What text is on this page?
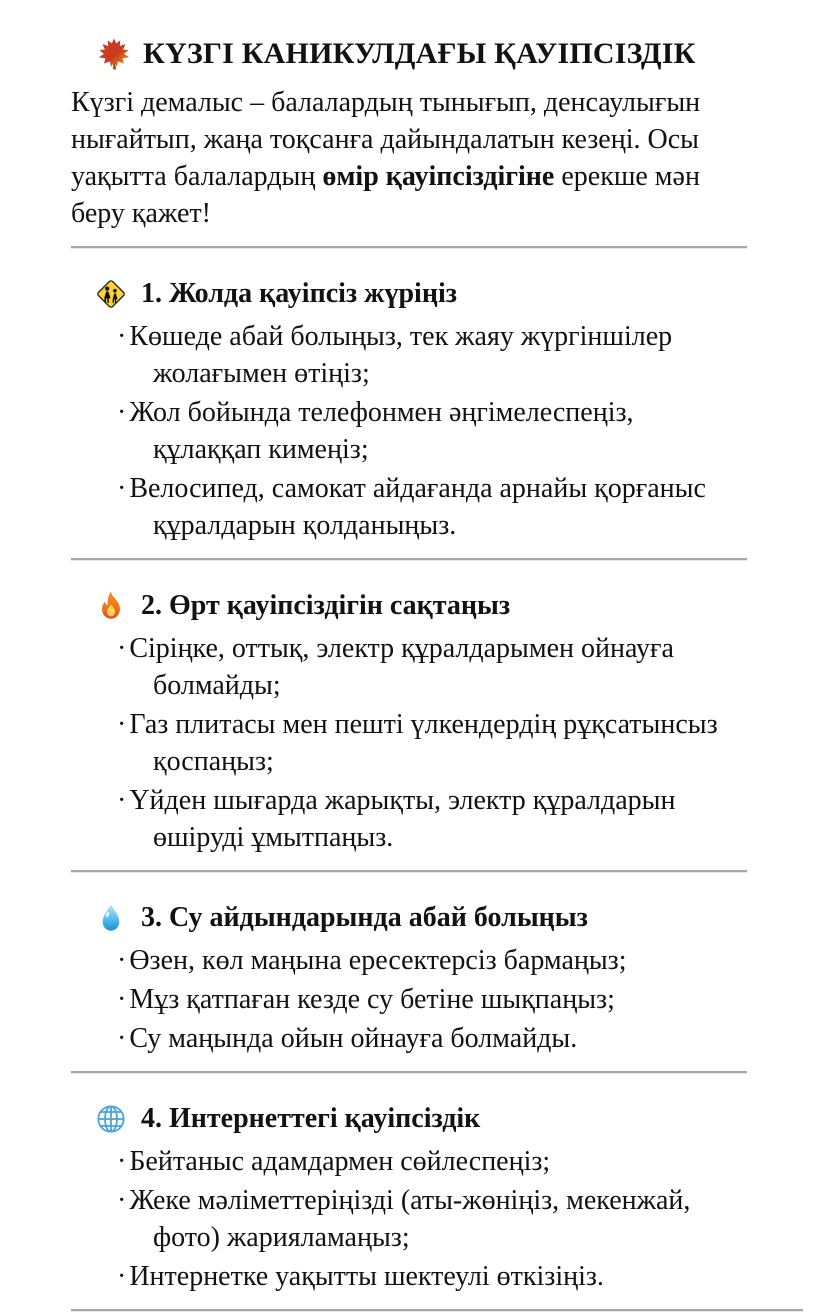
КҮЗГІ КАНИКУЛДАҒЫ ҚАУІПСІЗДІК

Күзгі демалыс – балалардың тынығып, денсаулығын нығайтып, жаңа тоқсанға дайындалатын кезеңі. Осы уақытта балалардың өмір қауіпсіздігіне ерекше мән беру қажет!

1. Жолда қауіпсіз жүріңіз
· Көшеде абай болыңыз, тек жаяу жүргіншілер жолағымен өтіңіз;
· Жол бойында телефонмен әңгімелеспеңіз, құлаққап кимеңіз;
· Велосипед, самокат айдағанда арнайы қорғаныс құралдарын қолданыңыз.
2. Өрт қауіпсіздігін сақтаңыз
· Сіріңке, оттық, электр құралдарымен ойнауға болмайды;
· Газ плитасы мен пешті үлкендердің рұқсатынсыз қоспаңыз;
· Үйден шығарда жарықты, электр құралдарын өшіруді ұмытпаңыз.
3. Су айдындарында абай болыңыз
· Өзен, көл маңына ересектерсіз бармаңыз;
· Мұз қатпаған кезде су бетіне шықпаңыз;
· Су маңында ойын ойнауға болмайды.
4. Интернеттегі қауіпсіздік
· Бейтаныс адамдармен сөйлеспеңіз;
· Жеке мәліметтеріңізді (аты-жөніңіз, мекенжай, фото) жарияламаңыз;
· Интернетке уақытты шектеулі өткізіңіз.
